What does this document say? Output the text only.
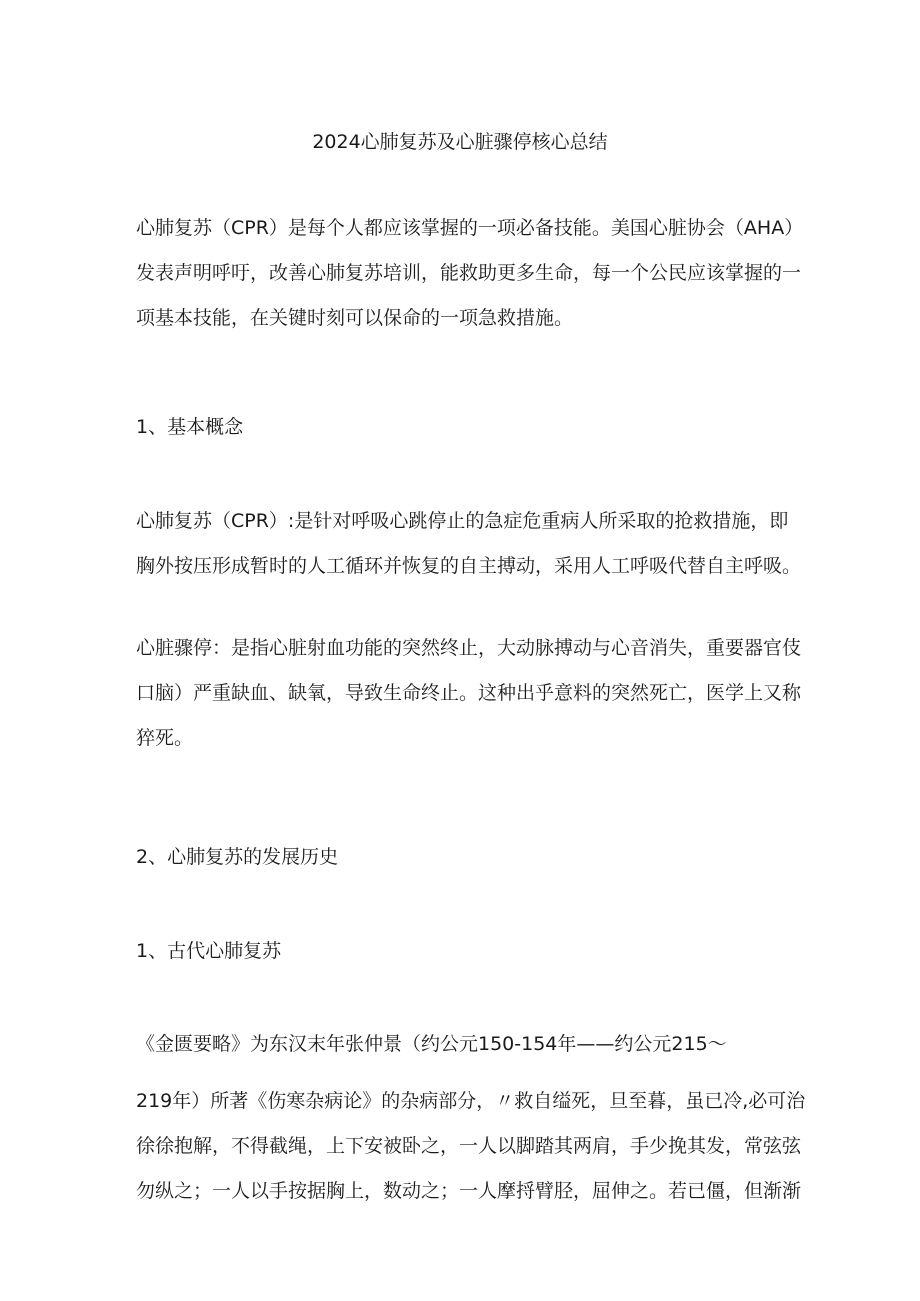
2024心肺复苏及心脏骤停核心总结
心肺复苏（CPR）是每个人都应该掌握的一项必备技能。美国心脏协会（AHA）
发表声明呼吁，改善心肺复苏培训，能救助更多生命，每一个公民应该掌握的一
项基本技能，在关键时刻可以保命的一项急救措施。
1、基本概念
心肺复苏（CPR）:是针对呼吸心跳停止的急症危重病人所采取的抢救措施，即
胸外按压形成暂时的人工循环并恢复的自主搏动，采用人工呼吸代替自主呼吸。
心脏骤停：是指心脏射血功能的突然终止，大动脉搏动与心音消失，重要器官伎
口脑）严重缺血、缺氧，导致生命终止。这种出乎意料的突然死亡，医学上又称
猝死。
2、心肺复苏的发展历史
1、古代心肺复苏
《金匮要略》为东汉末年张仲景（约公元150-154年——约公元215〜
219年）所著《伤寒杂病论》的杂病部分，〃救自缢死，旦至暮，虽已冷,必可治
徐徐抱解，不得截绳，上下安被卧之，一人以脚踏其两肩，手少挽其发，常弦弦
勿纵之；一人以手按据胸上，数动之；一人摩捋臂胫，屈伸之。若已僵，但渐渐
